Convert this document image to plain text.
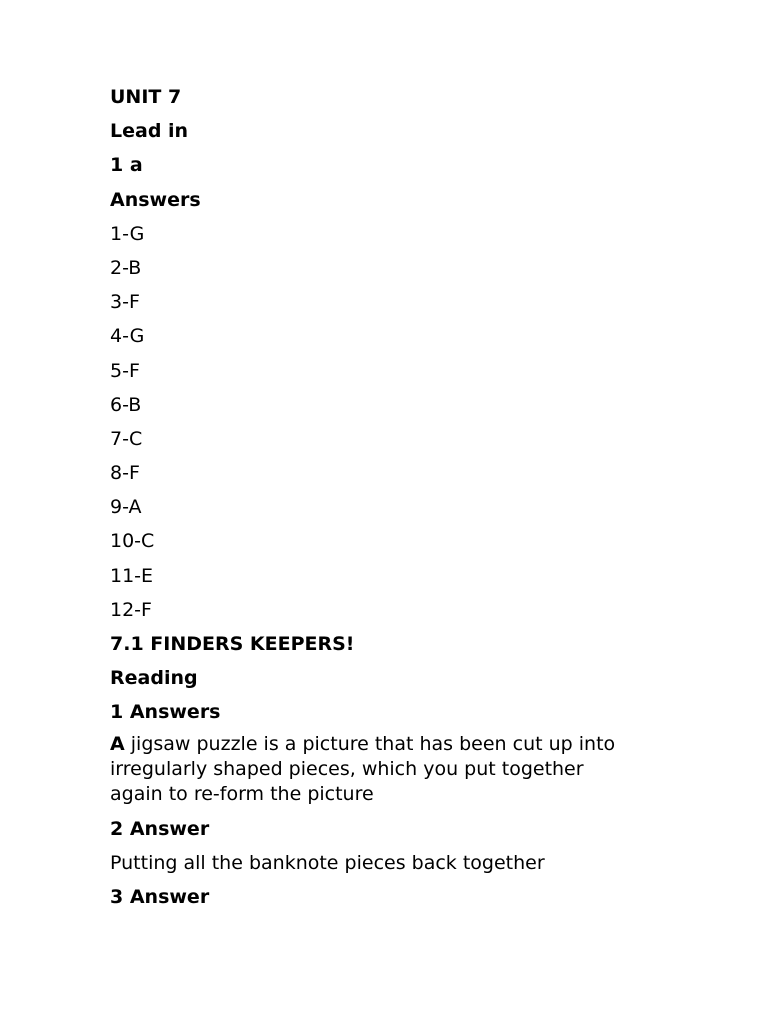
UNIT 7
Lead in
1 a
Answers
1-G
2-B
3-F
4-G
5-F
6-B
7-C
8-F
9-A
10-C
11-E
12-F
7.1 FINDERS KEEPERS!
Reading
1 Answers
A jigsaw puzzle is a picture that has been cut up into irregularly shaped pieces, which you put together again to re-form the picture
2 Answer
Putting all the banknote pieces back together
3 Answer
